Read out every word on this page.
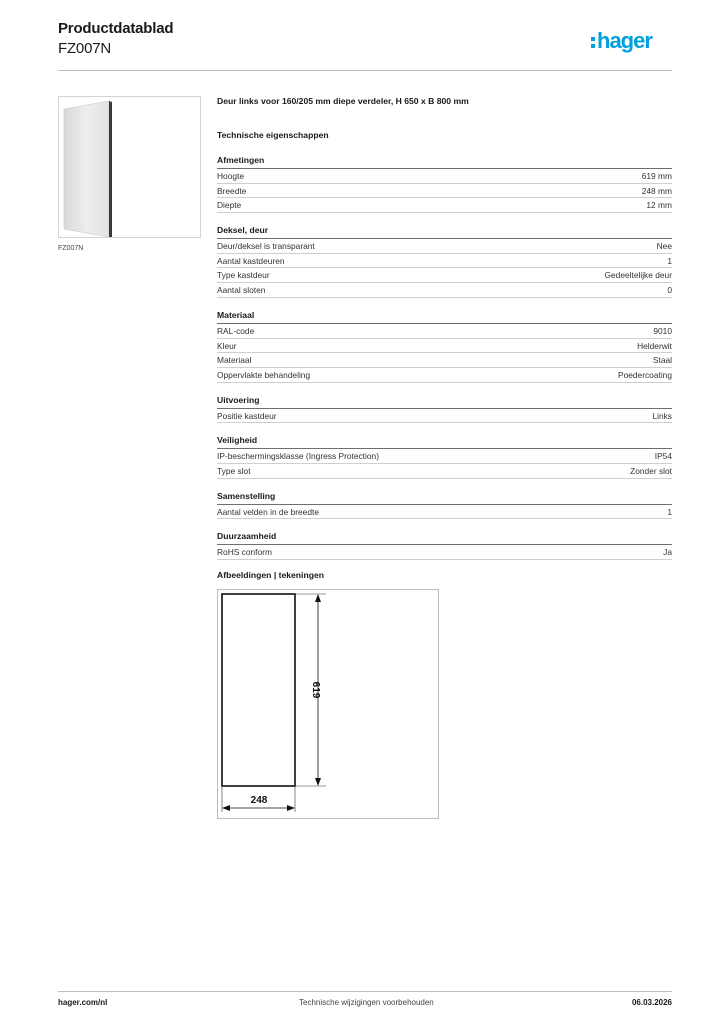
Productdatablad
FZ007N	hager
FZ007N
Deur links voor 160/205 mm diepe verdeler, H 650 x B 800 mm
Technische eigenschappen
Afmetingen
Hoogte	619 mm
Breedte	248 mm
Diepte	12 mm
Deksel, deur
Deur/deksel is transparant	Nee
Aantal kastdeuren	1
Type kastdeur	Gedeeltelijke deur
Aantal sloten	0
Materiaal
RAL-code	9010
Kleur	Helderwit
Materiaal	Staal
Oppervlakte behandeling	Poedercoating
Uitvoering
Positie kastdeur	Links
Veiligheid
IP-beschermingsklasse (Ingress Protection)	IP54
Type slot	Zonder slot
Samenstelling
Aantal velden in de breedte	1
Duurzaamheid
RoHS conform	Ja
Afbeeldingen | tekeningen
619
248
hager.com/nl	Technische wijzigingen voorbehouden	06.03.2026
